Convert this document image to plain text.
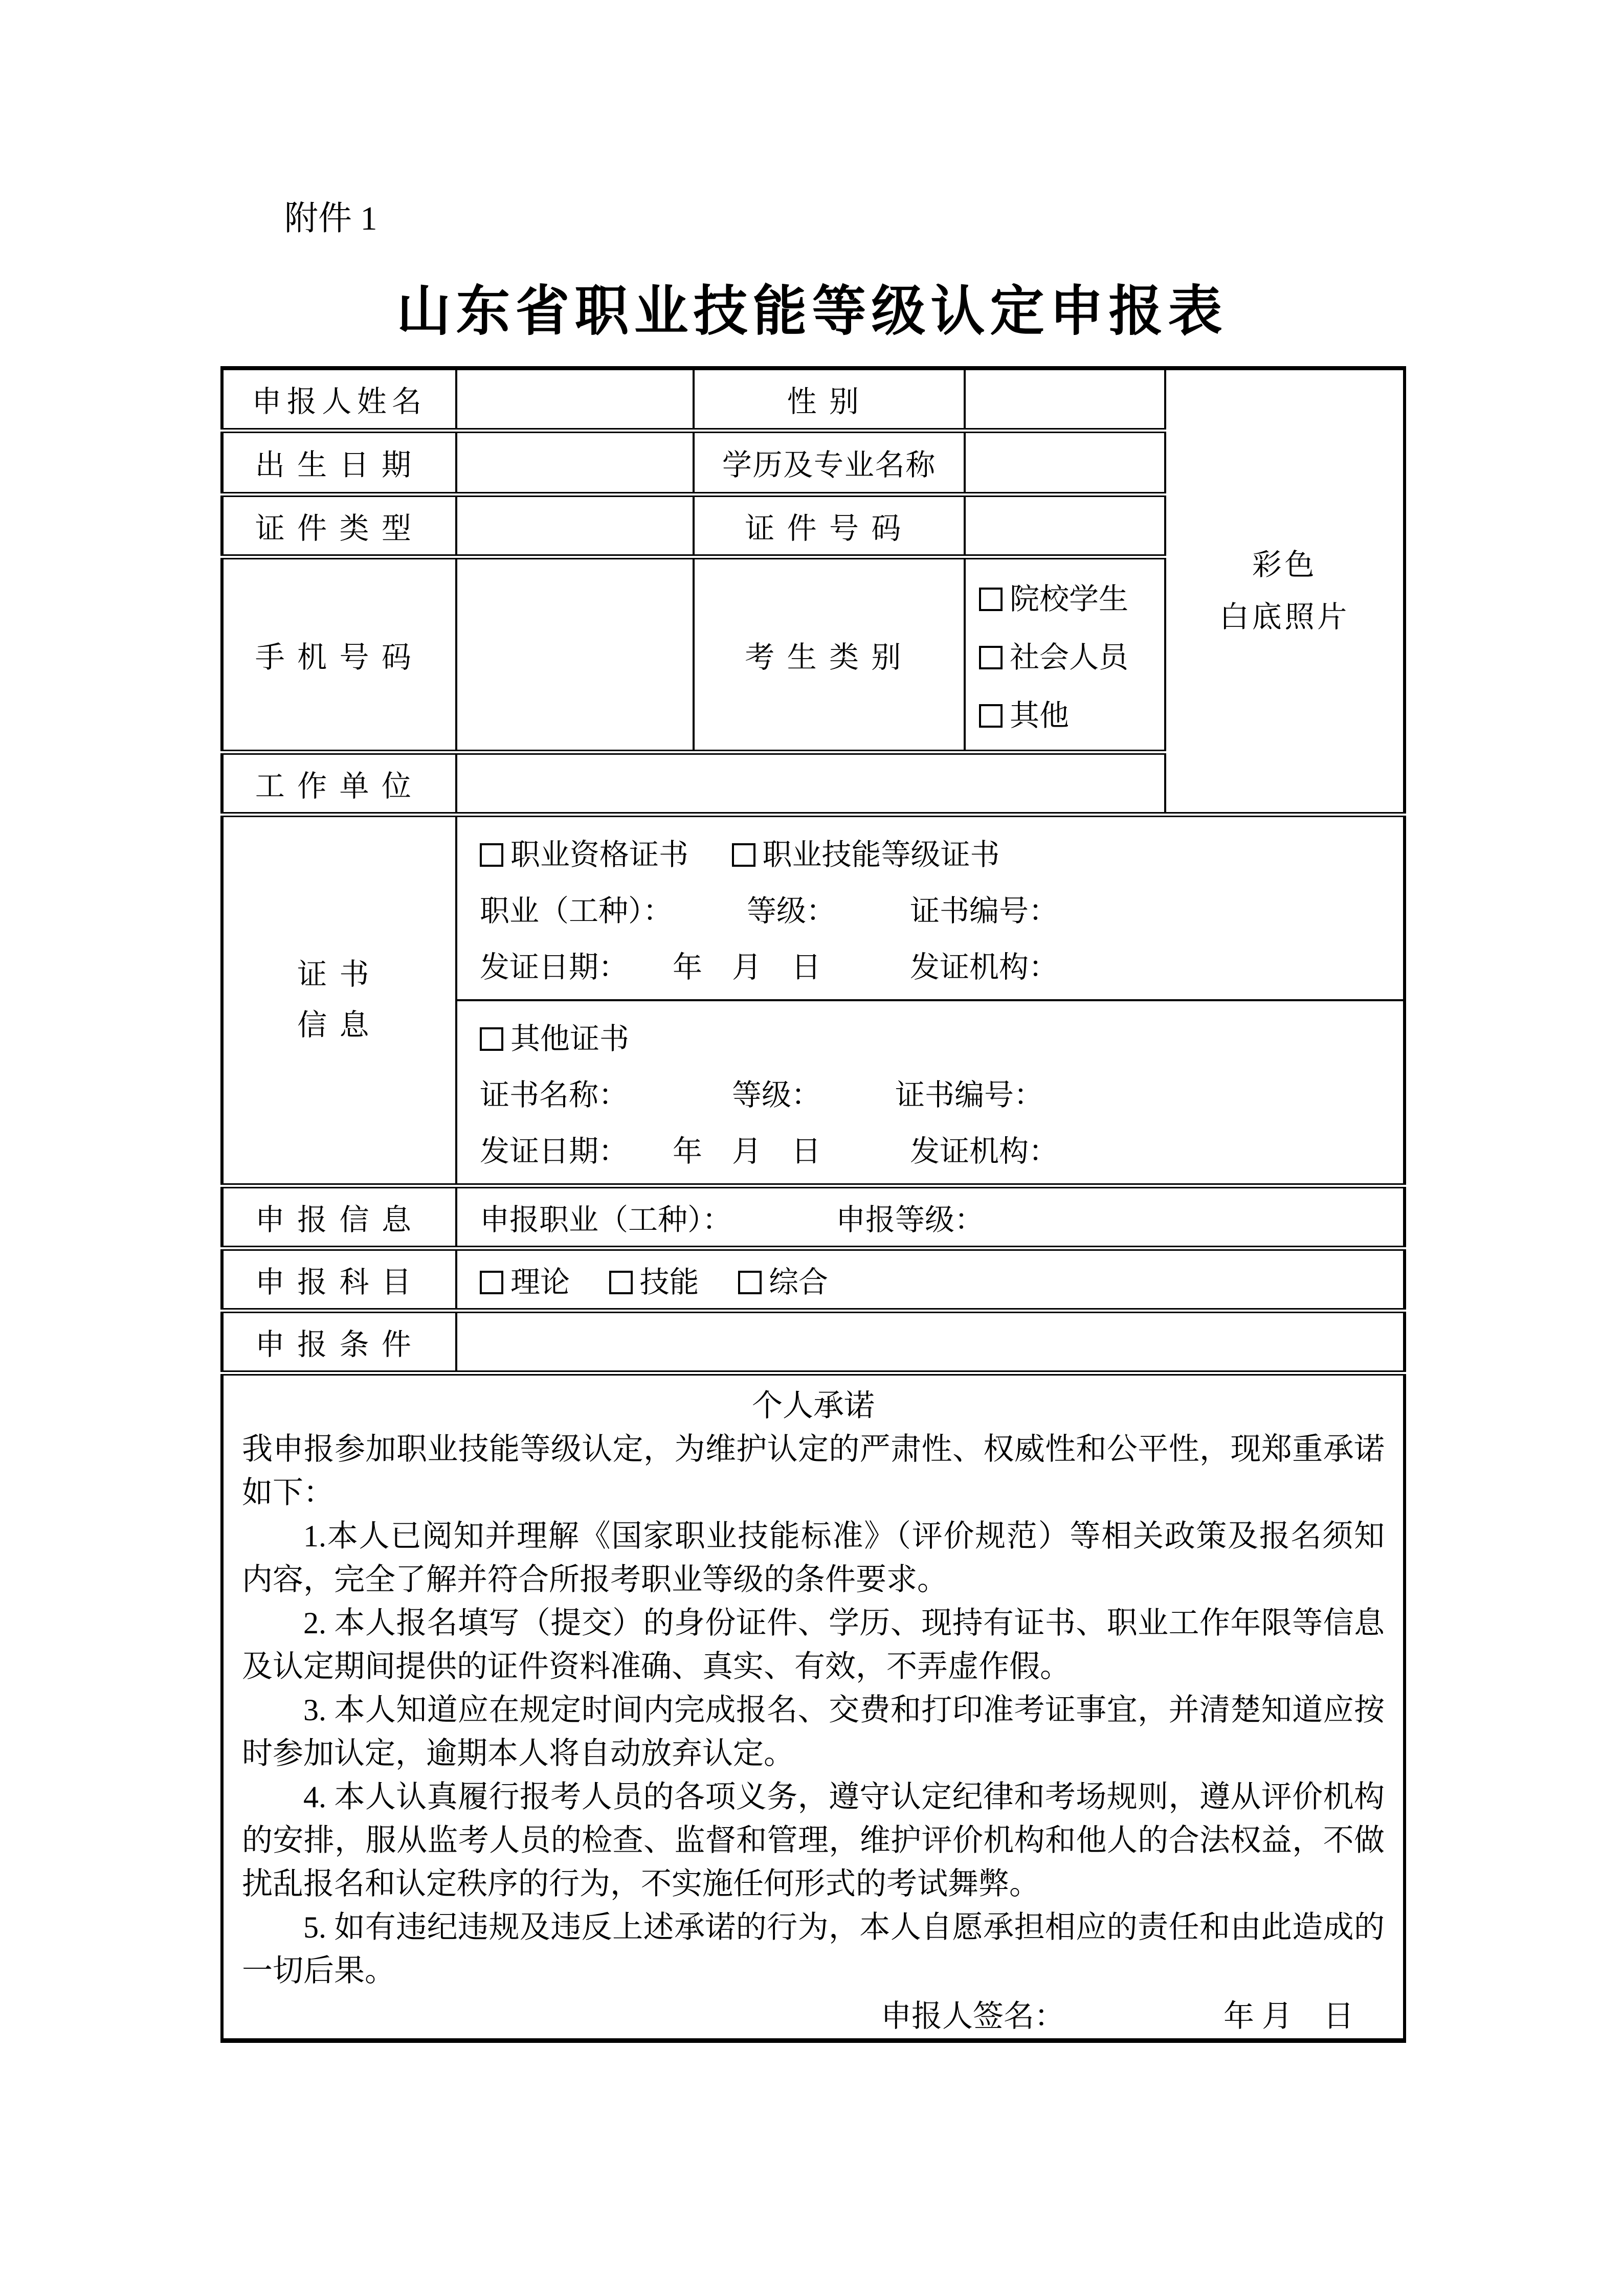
附件 1
山东省职业技能等级认定申报表
申报人姓名		性别		彩色
白底照片

出生日期		学历及专业名称		
证件类型		证件号码		
手机号码		考生类别	院校学生
社会人员
其他	

工作单位				

证书
信息

职业资格证书 职业技能等级证书
职业（工种）：　　　等级：　　　证书编号：
发证日期：　　年　月　日　　　发证机构：

	其他证书
证书名称：　　　　等级：　　　证书编号：
发证日期：　　年　月　日　　　发证机构：			

申报信息	申报职业（工种）：　　　　申报等级：			
申报科目	理论 技能 综合			
申报条件				

个人承诺

我申报参加职业技能等级认定，为维护认定的严肃性、权威性和公平性，现郑重承诺如下：

1.本人已阅知并理解《国家职业技能标准》（评价规范）等相关政策及报名须知内容，完全了解并符合所报考职业等级的条件要求。

2. 本人报名填写（提交）的身份证件、学历、现持有证书、职业工作年限等信息及认定期间提供的证件资料准确、真实、有效，不弄虚作假。

3. 本人知道应在规定时间内完成报名、交费和打印准考证事宜，并清楚知道应按时参加认定，逾期本人将自动放弃认定。

4. 本人认真履行报考人员的各项义务，遵守认定纪律和考场规则，遵从评价机构的安排，服从监考人员的检查、监督和管理，维护评价机构和他人的合法权益，不做扰乱报名和认定秩序的行为，不实施任何形式的考试舞弊。

5. 如有违纪违规及违反上述承诺的行为，本人自愿承担相应的责任和由此造成的一切后果。

申报人签名：	年 月　日
